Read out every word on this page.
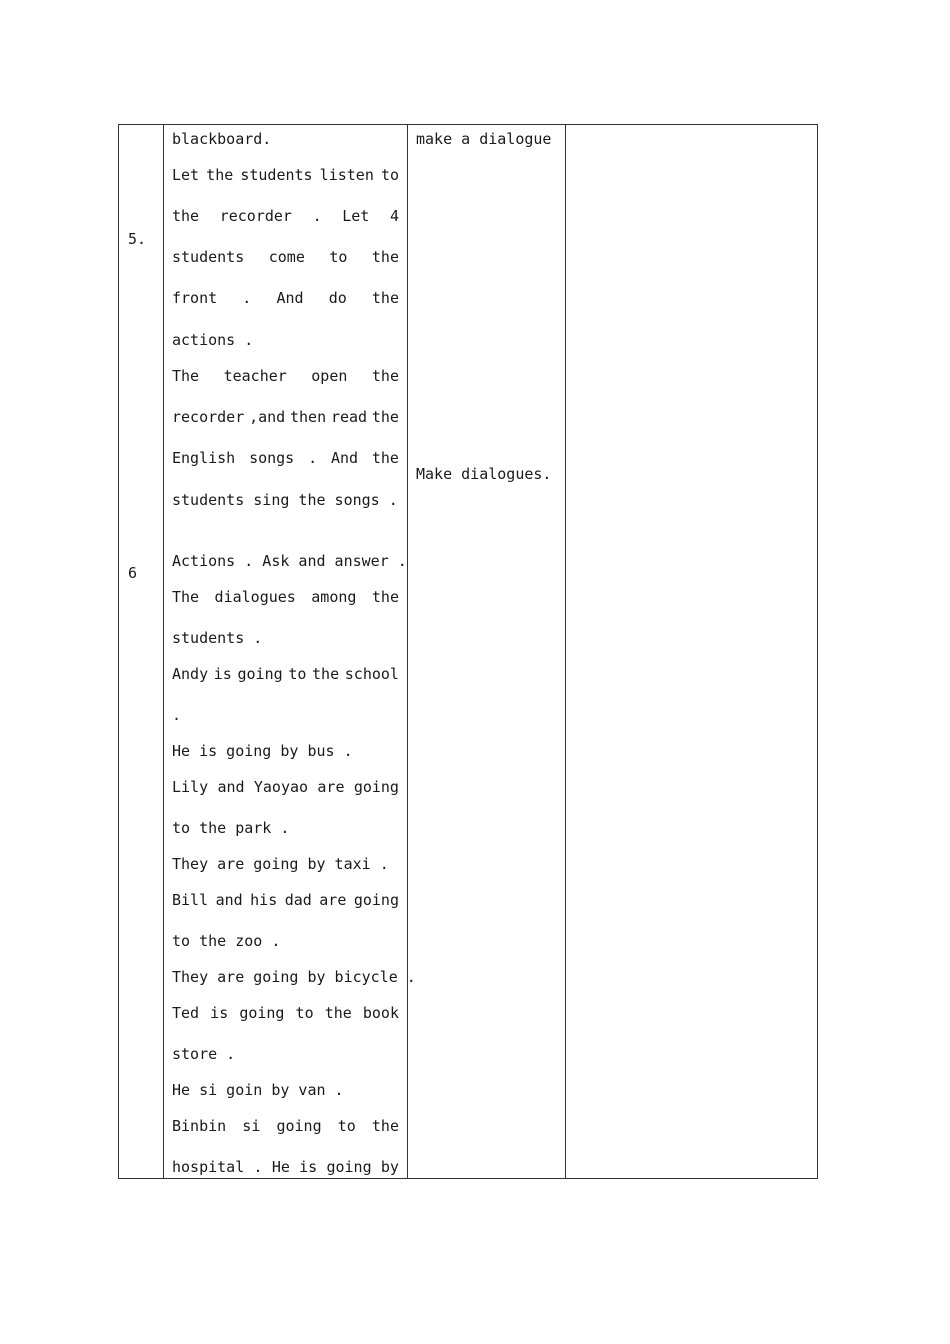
5.
6
blackboard.
Let the students listen to
the recorder . Let 4
students come to the
front . And do the
actions .
The teacher open the
recorder ,and then read the
English songs . And the
students sing the songs .
Actions . Ask and answer .
The dialogues among the
students .
Andy is going to the school
.
He is going by bus .
Lily and Yaoyao are going
to the park .
They are going by taxi .
Bill and his dad are going
to the zoo .
They are going by bicycle .
Ted is going to the book
store .
He si goin by van .
Binbin si going to the
hospital . He is going by
make a dialogue
Make dialogues.
